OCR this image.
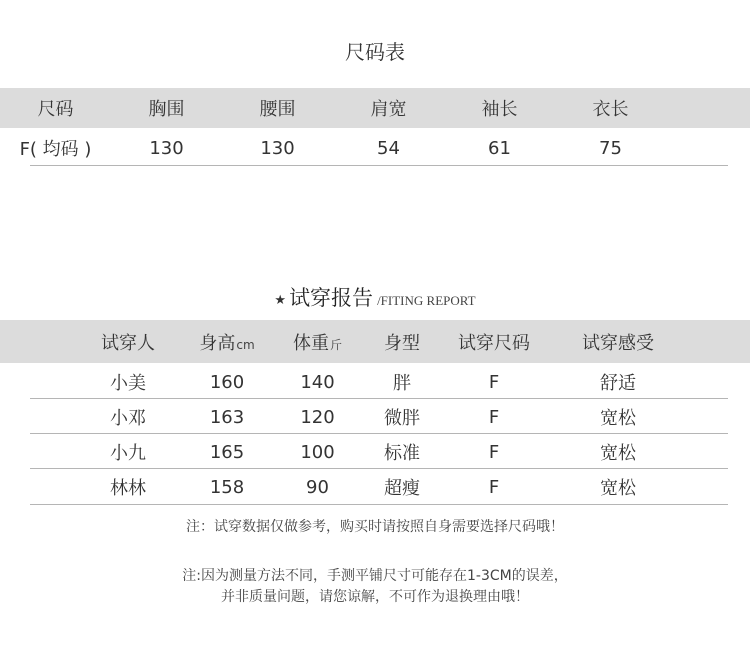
尺码表
尺码	胸围	腰围	肩宽	袖长	衣长
F( 均码 )	130	130	54	61	75
★ 试穿报告 /FITING REPORT
试穿人	身高cm	体重斤	身型	试穿尺码	试穿感受
小美	160	140	胖	F	舒适
小邓	163	120	微胖	F	宽松
小九	165	100	标准	F	宽松
林林	158	90	超瘦	F	宽松
注：试穿数据仅做参考，购买时请按照自身需要选择尺码哦！
注:因为测量方法不同，手测平铺尺寸可能存在1-3CM的误差，
并非质量问题，请您谅解，不可作为退换理由哦！
